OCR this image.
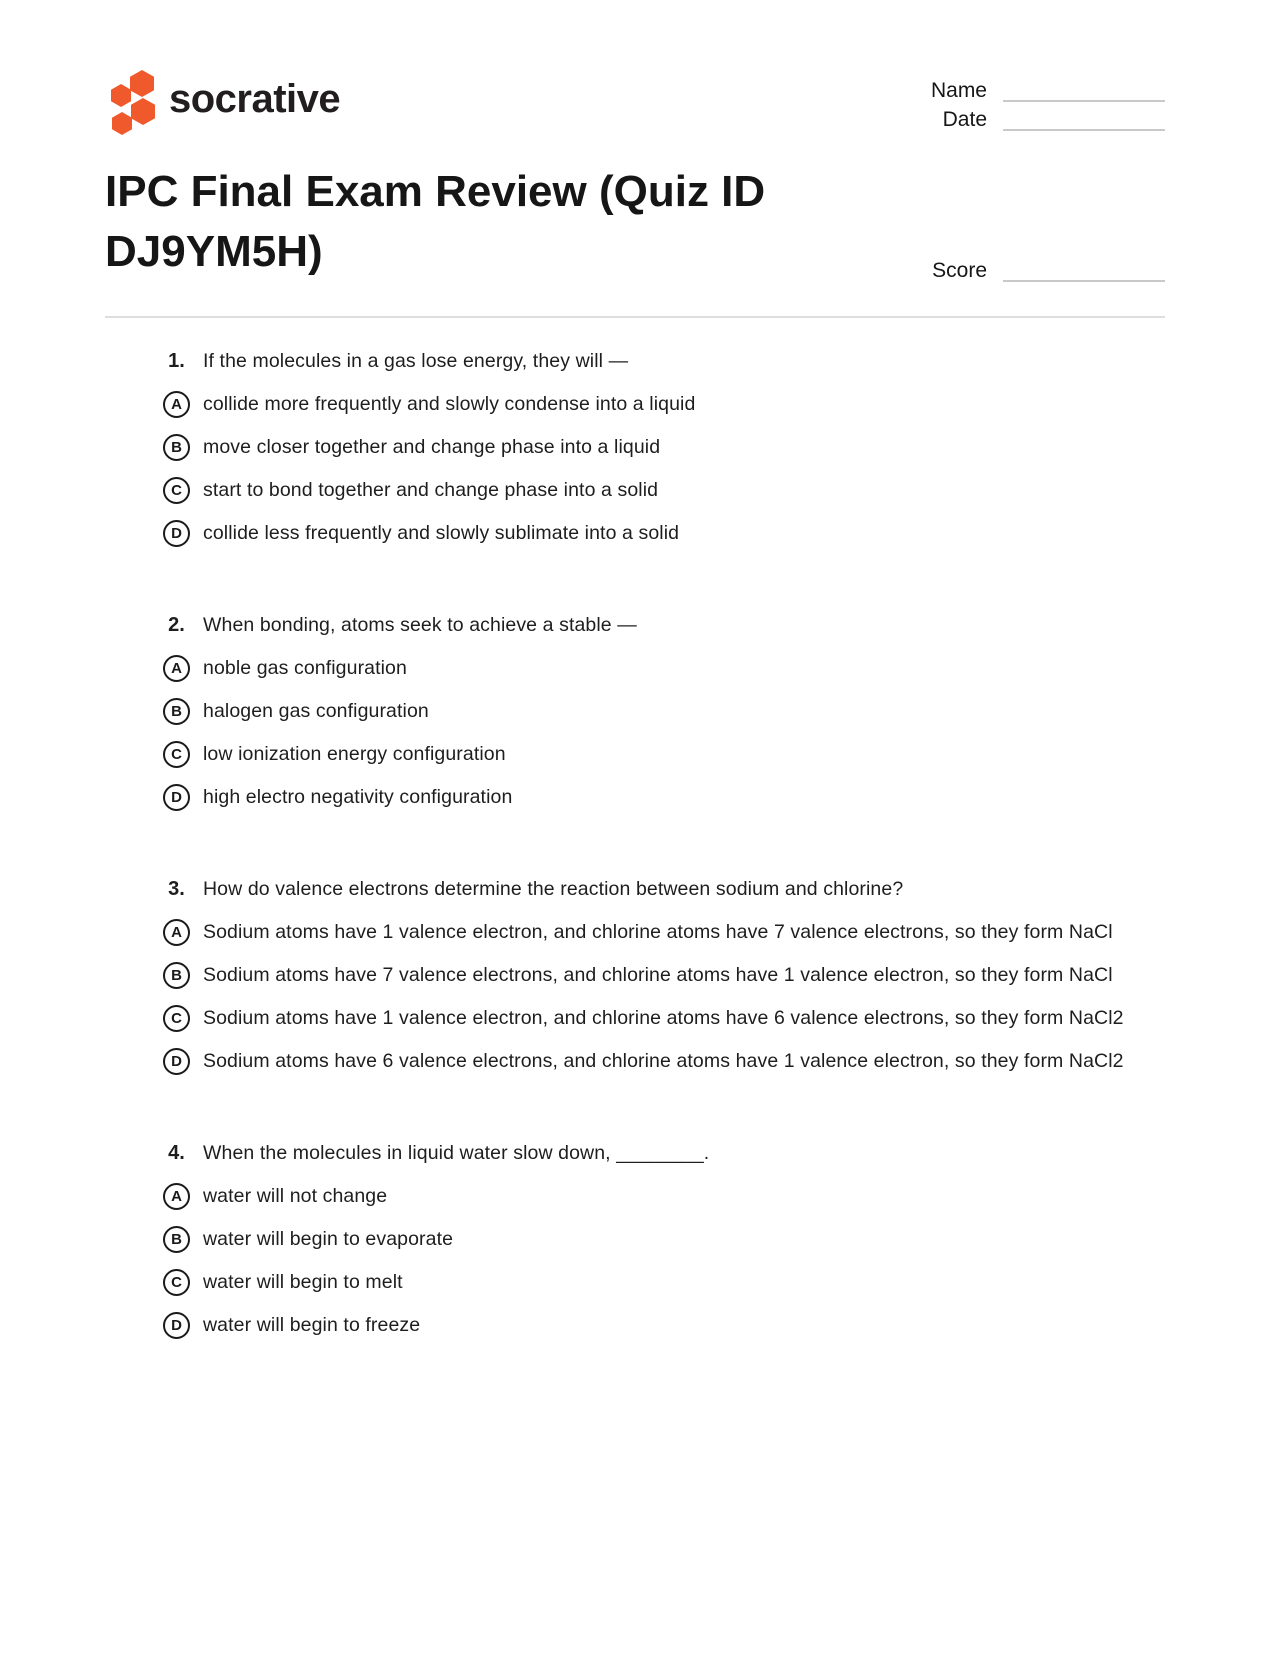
socrative	Name
Date
IPC Final Exam Review (Quiz ID DJ9YM5H)	Score
1. If the molecules in a gas lose energy, they will —
A	collide more frequently and slowly condense into a liquid
B	move closer together and change phase into a liquid
C	start to bond together and change phase into a solid
D	collide less frequently and slowly sublimate into a solid
2. When bonding, atoms seek to achieve a stable —
A	noble gas configuration
B	halogen gas configuration
C	low ionization energy configuration
D	high electro negativity configuration
3. How do valence electrons determine the reaction between sodium and chlorine?
A	Sodium atoms have 1 valence electron, and chlorine atoms have 7 valence electrons, so they form NaCl
B	Sodium atoms have 7 valence electrons, and chlorine atoms have 1 valence electron, so they form NaCl
C	Sodium atoms have 1 valence electron, and chlorine atoms have 6 valence electrons, so they form NaCl2
D	Sodium atoms have 6 valence electrons, and chlorine atoms have 1 valence electron, so they form NaCl2
4. When the molecules in liquid water slow down, ________.
A	water will not change
B	water will begin to evaporate
C	water will begin to melt
D	water will begin to freeze
